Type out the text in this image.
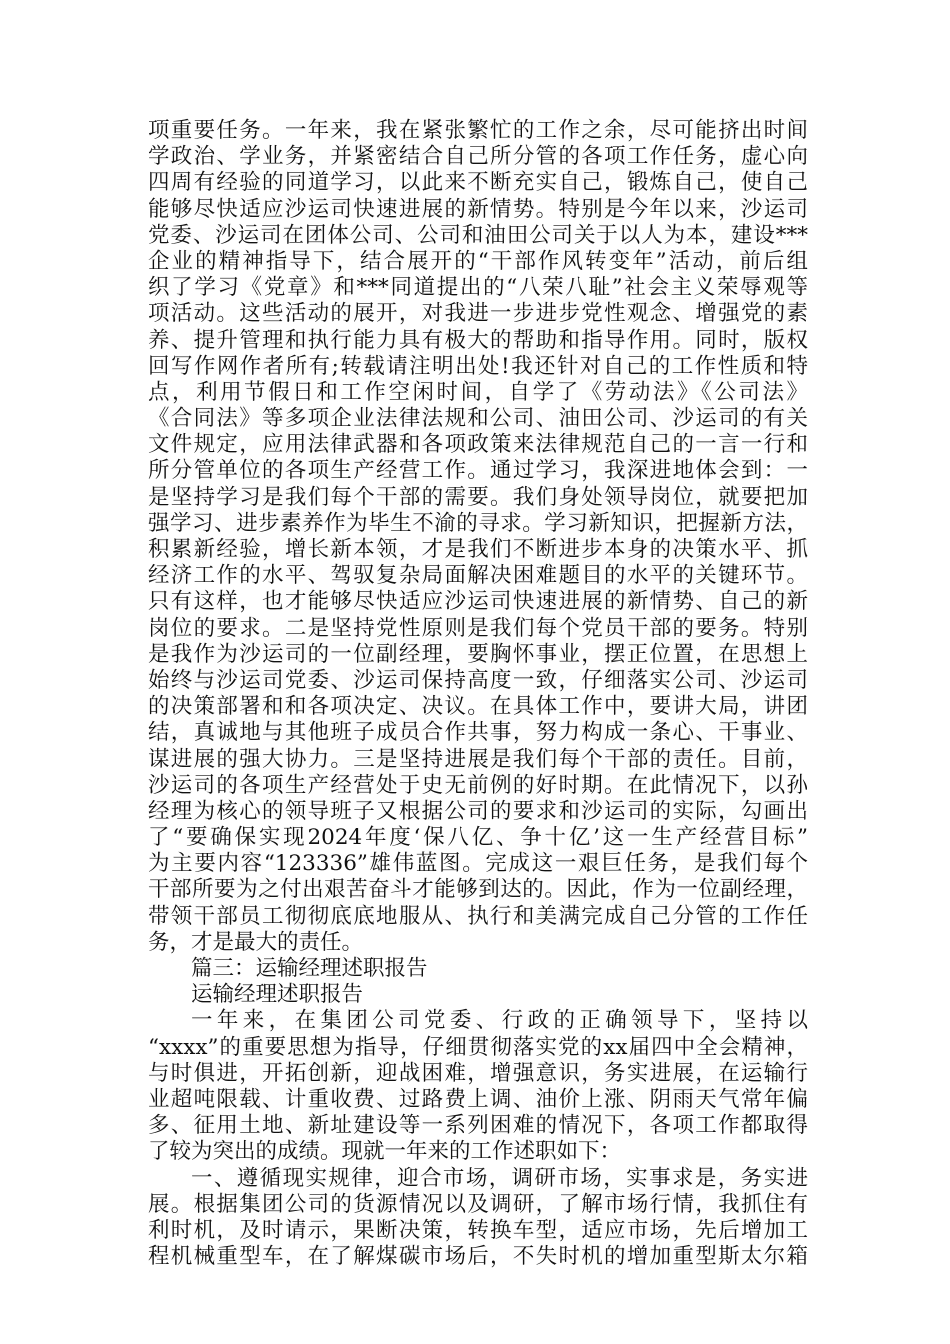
项重要任务。一年来，我在紧张繁忙的工作之余，尽可能挤出时间
学政治、学业务，并紧密结合自己所分管的各项工作任务，虚心向
四周有经验的同道学习，以此来不断充实自己，锻炼自己，使自己
能够尽快适应沙运司快速进展的新情势。特别是今年以来，沙运司
党委、沙运司在团体公司、公司和油田公司关于以人为本，建设***
企业的精神指导下，结合展开的“干部作风转变年”活动，前后组
织了学习《党章》和***同道提出的“八荣八耻”社会主义荣辱观等
项活动。这些活动的展开，对我进一步进步党性观念、增强党的素
养、提升管理和执行能力具有极大的帮助和指导作用。同时，版权
回写作网作者所有;转载请注明出处!我还针对自己的工作性质和特
点，利用节假日和工作空闲时间，自学了《劳动法》《公司法》
《合同法》等多项企业法律法规和公司、油田公司、沙运司的有关
文件规定，应用法律武器和各项政策来法律规范自己的一言一行和
所分管单位的各项生产经营工作。通过学习，我深进地体会到：一
是坚持学习是我们每个干部的需要。我们身处领导岗位，就要把加
强学习、进步素养作为毕生不渝的寻求。学习新知识，把握新方法，
积累新经验，增长新本领，才是我们不断进步本身的决策水平、抓
经济工作的水平、驾驭复杂局面解决困难题目的水平的关键环节。
只有这样，也才能够尽快适应沙运司快速进展的新情势、自己的新
岗位的要求。二是坚持党性原则是我们每个党员干部的要务。特别
是我作为沙运司的一位副经理，要胸怀事业，摆正位置，在思想上
始终与沙运司党委、沙运司保持高度一致，仔细落实公司、沙运司
的决策部署和和各项决定、决议。在具体工作中，要讲大局，讲团
结，真诚地与其他班子成员合作共事，努力构成一条心、干事业、
谋进展的强大协力。三是坚持进展是我们每个干部的责任。目前，
沙运司的各项生产经营处于史无前例的好时期。在此情况下，以孙
经理为核心的领导班子又根据公司的要求和沙运司的实际，勾画出
了“要确保实现2024年度‘保八亿、争十亿’这一生产经营目标”
为主要内容“123336”雄伟蓝图。完成这一艰巨任务，是我们每个
干部所要为之付出艰苦奋斗才能够到达的。因此，作为一位副经理，
带领干部员工彻彻底底地服从、执行和美满完成自己分管的工作任
务，才是最大的责任。
篇三：运输经理述职报告
运输经理述职报告
一年来，在集团公司党委、行政的正确领导下，坚持以
“xxxx”的重要思想为指导，仔细贯彻落实党的xx届四中全会精神，
与时俱进，开拓创新，迎战困难，增强意识，务实进展，在运输行
业超吨限载、计重收费、过路费上调、油价上涨、阴雨天气常年偏
多、征用土地、新址建设等一系列困难的情况下，各项工作都取得
了较为突出的成绩。现就一年来的工作述职如下：
一、遵循现实规律，迎合市场，调研市场，实事求是，务实进
展。根据集团公司的货源情况以及调研，了解市场行情，我抓住有
利时机，及时请示，果断决策，转换车型，适应市场，先后增加工
程机械重型车，在了解煤碳市场后，不失时机的增加重型斯太尔箱
